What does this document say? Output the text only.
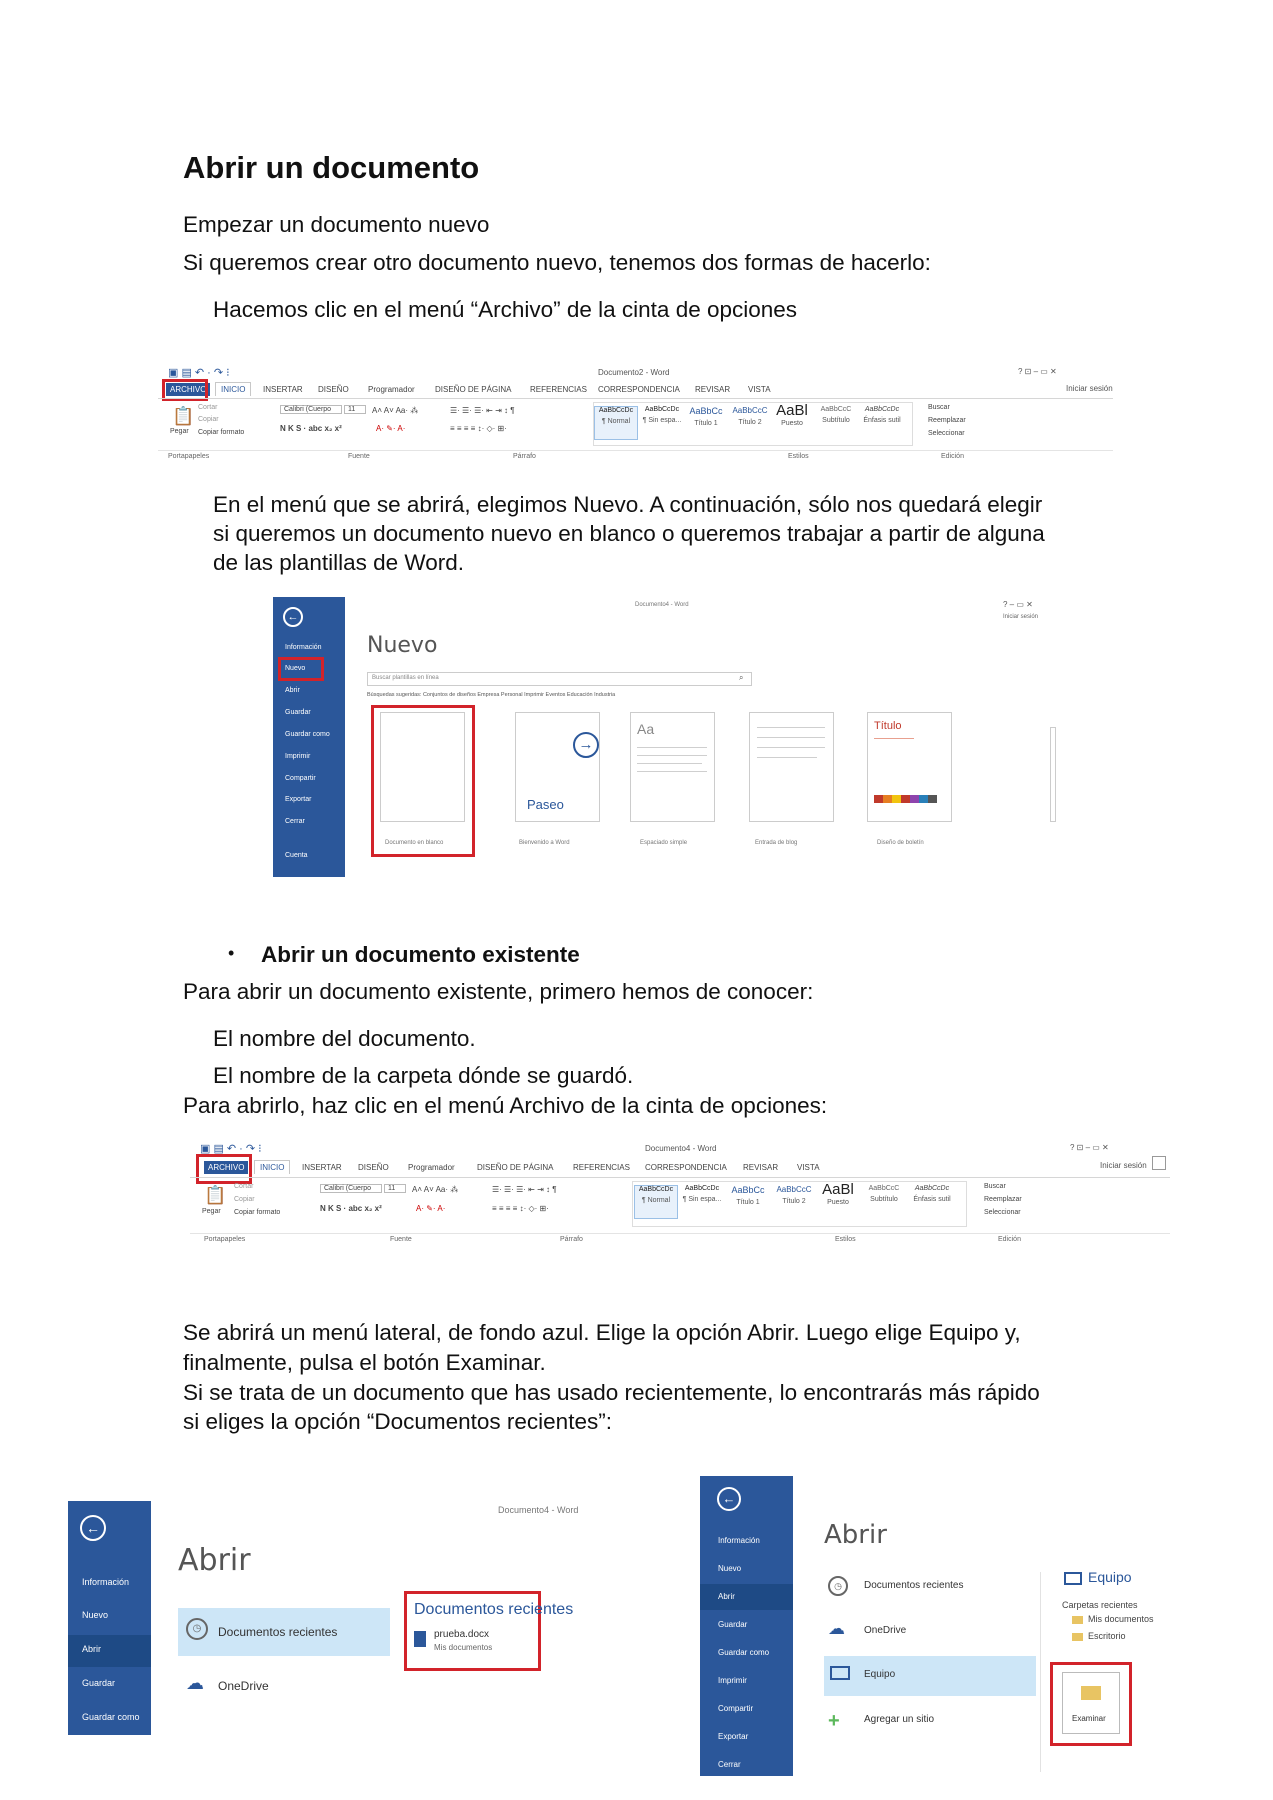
Abrir un documento
Empezar un documento nuevo
Si queremos crear otro documento nuevo, tenemos dos formas de hacerlo:
Hacemos clic en el menú “Archivo” de la cinta de opciones
▣ ▤ ↶ · ↷ ⁝	Documento2 - Word	? ⊡ – ▭ ✕
Iniciar sesión
ARCHIVO	INICIO	INSERTAR DISEÑO Programador	DISEÑO DE PÁGINA REFERENCIAS CORRESPONDENCIA REVISAR VISTA
📋
Pegar
Cortar
Copiar
Copiar formato
Calibri (Cuerpo	11
N K S · abc x₂ x²
A˄ A˅ Aa· ⁂
A· ✎· A·
☰· ☰· ☰· ⇤ ⇥ ↕ ¶
≡ ≡ ≡ ≡ ↕· ◇· ⊞·
AaBbCcDc
¶ Normal
AaBbCcDc
¶ Sin espa...
AaBbCc
Título 1
AaBbCcC
Título 2
AaBl
Puesto
AaBbCcC
Subtítulo
AaBbCcDc
Énfasis sutil
Buscar
Reemplazar
Seleccionar
Portapapeles	Fuente	Párrafo	Estilos	Edición
En el menú que se abrirá, elegimos Nuevo. A continuación, sólo nos quedará elegir
si queremos un documento nuevo en blanco o queremos trabajar a partir de alguna
de las plantillas de Word.
←
Información
Nuevo
Abrir
Guardar
Guardar como
Imprimir
Compartir
Exportar
Cerrar
Cuenta
Documento4 - Word	? – ▭ ✕
Iniciar sesión
Nuevo
Buscar plantillas en línea	⌕
Búsquedas sugeridas: Conjuntos de diseños Empresa Personal Imprimir Eventos Educación Industria
Documento en blanco
→
Paseo
Bienvenido a Word
Aa
Espaciado simple	Entrada de blog
Título
Diseño de boletín
• Abrir un documento existente
Para abrir un documento existente, primero hemos de conocer:
El nombre del documento.
El nombre de la carpeta dónde se guardó.
Para abrirlo, haz clic en el menú Archivo de la cinta de opciones:
▣ ▤ ↶ · ↷ ⁝	Documento4 - Word	? ⊡ – ▭ ✕
Iniciar sesión
ARCHIVO	INICIO	INSERTAR DISEÑO Programador	DISEÑO DE PÁGINA REFERENCIAS CORRESPONDENCIA REVISAR VISTA
📋
Pegar
Cortar
Copiar
Copiar formato
Calibri (Cuerpo	11
N K S · abc x₂ x²
A˄ A˅ Aa· ⁂
A· ✎· A·
☰· ☰· ☰· ⇤ ⇥ ↕ ¶
≡ ≡ ≡ ≡ ↕· ◇· ⊞·
AaBbCcDc
¶ Normal
AaBbCcDc
¶ Sin espa...
AaBbCc
Título 1
AaBbCcC
Título 2
AaBl
Puesto
AaBbCcC
Subtítulo
AaBbCcDc
Énfasis sutil
Buscar
Reemplazar
Seleccionar
Portapapeles	Fuente	Párrafo	Estilos	Edición
Se abrirá un menú lateral, de fondo azul. Elige la opción Abrir. Luego elige Equipo y,
finalmente, pulsa el botón Examinar.
Si se trata de un documento que has usado recientemente, lo encontrarás más rápido
si eliges la opción “Documentos recientes”:
←
Información
Nuevo
Abrir
Guardar
Guardar como
Documento4 - Word
Abrir
◷	Documentos recientes
☁ OneDrive
Documentos recientes
prueba.docx
Mis documentos
←
Información
Nuevo
Abrir
Guardar
Guardar como
Imprimir
Compartir
Exportar
Cerrar
Abrir
◷	Documentos recientes
☁ OneDrive
Equipo
+ Agregar un sitio
Equipo
Carpetas recientes
Mis documentos
Escritorio
Examinar
